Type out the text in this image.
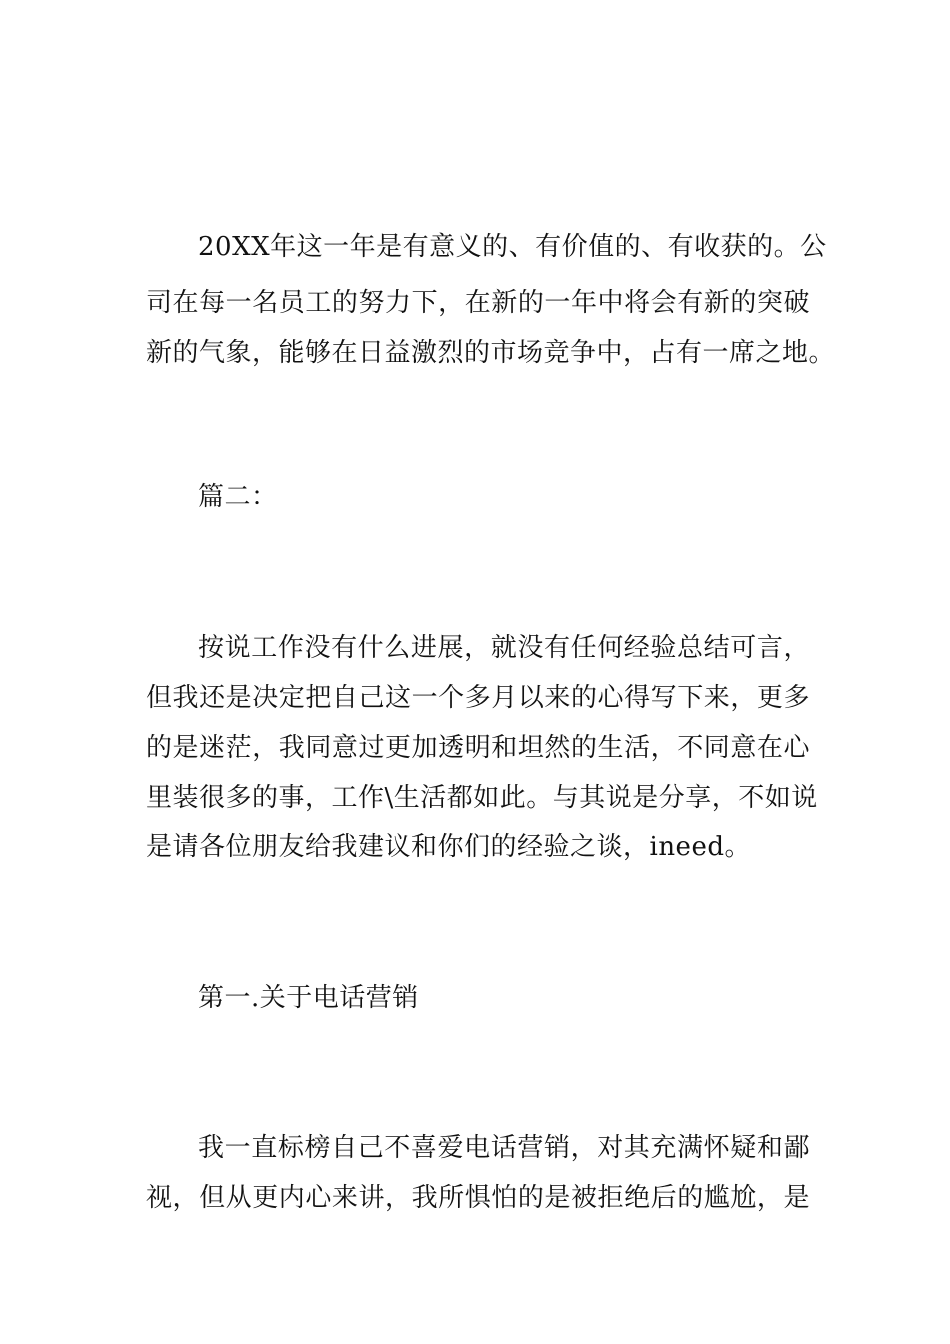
20XX年这一年是有意义的、有价值的、有收获的。公
司在每一名员工的努力下，在新的一年中将会有新的突破
新的气象，能够在日益激烈的市场竞争中，占有一席之地。
篇二：
按说工作没有什么进展，就没有任何经验总结可言，
但我还是决定把自己这一个多月以来的心得写下来，更多
的是迷茫，我同意过更加透明和坦然的生活，不同意在心
里装很多的事，工作\生活都如此。与其说是分享，不如说
是请各位朋友给我建议和你们的经验之谈，ineed。
第一.关于电话营销
我一直标榜自己不喜爱电话营销，对其充满怀疑和鄙
视，但从更内心来讲，我所惧怕的是被拒绝后的尴尬，是
